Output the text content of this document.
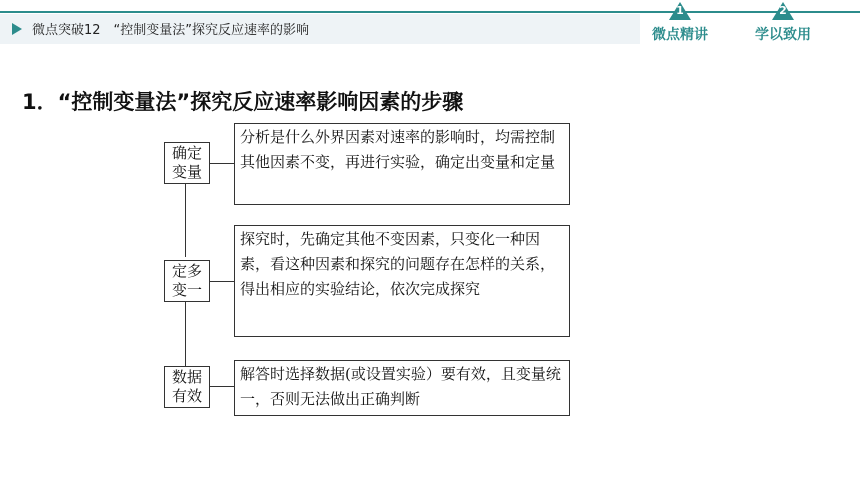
微点突破12　“控制变量法”探究反应速率的影响
1
微点精讲
2
学以致用
1．“控制变量法”探究反应速率影响因素的步骤
确定
变量
分析是什么外界因素对速率的影响时，均需控制其他因素不变，再进行实验，确定出变量和定量
定多
变一
探究时，先确定其他不变因素，只变化一种因素，看这种因素和探究的问题存在怎样的关系，得出相应的实验结论，依次完成探究
数据
有效
解答时选择数据(或设置实验）要有效，且变量统一，否则无法做出正确判断
